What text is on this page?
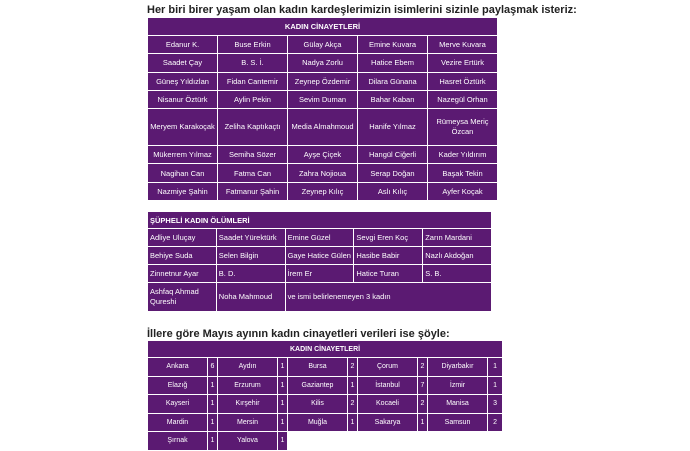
Her biri birer yaşam olan kadın kardeşlerimizin isimlerini sizinle paylaşmak isteriz:
KADIN CİNAYETLERİ				
Edanur K.	Buse Erkin	Gülay Akça	Emine Kuvara	Merve Kuvara
Saadet Çay	B. S. İ.	Nadya Zorlu	Hatice Ebem	Vezire Ertürk
Güneş Yıldızlan	Fidan Cantemir	Zeynep Özdemir	Dilara Günana	Hasret Öztürk
Nisanur Öztürk	Aylin Pekin	Sevim Duman	Bahar Kaban	Nazegül Orhan
Meryem Karakoçak	Zeliha Kaptıkaçtı	Media Almahmoud	Hanife Yılmaz	Rümeysa Meriç Özcan
Mükerrem Yılmaz	Semiha Sözer	Ayşe Çiçek	Hangül Ciğerli	Kader Yıldırım
Nagihan Can	Fatma Can	Zahra Nojioua	Serap Doğan	Başak Tekin
Nazmiye Şahin	Fatmanur Şahin	Zeynep Kılıç	Aslı Kılıç	Ayfer Koçak
ŞÜPHELİ KADIN ÖLÜMLERİ				
Adliye Uluçay	Saadet Yürektürk	Emine Güzel	Sevgi Eren Koç	Zarın Mardani
Behiye Suda	Selen Bilgin	Gaye Hatice Gülen	Hasibe Babir	Nazlı Akdoğan
Zinnetnur Ayar	B. D.	İrem Er	Hatice Turan	S. B.
Ashfaq Ahmad Qureshi	Noha Mahmoud	ve ismi belirlenemeyen 3 kadın		
İllere göre Mayıs ayının kadın cinayetleri verileri ise şöyle:
KADIN CİNAYETLERİ									
Ankara	6	Aydın	1	Bursa	2	Çorum	2	Diyarbakır	1
Elazığ	1	Erzurum	1	Gaziantep	1	İstanbul	7	İzmir	1
Kayseri	1	Kırşehir	1	Kilis	2	Kocaeli	2	Manisa	3
Mardin	1	Mersin	1	Muğla	1	Sakarya	1	Samsun	2
Şırnak	1	Yalova	1						
